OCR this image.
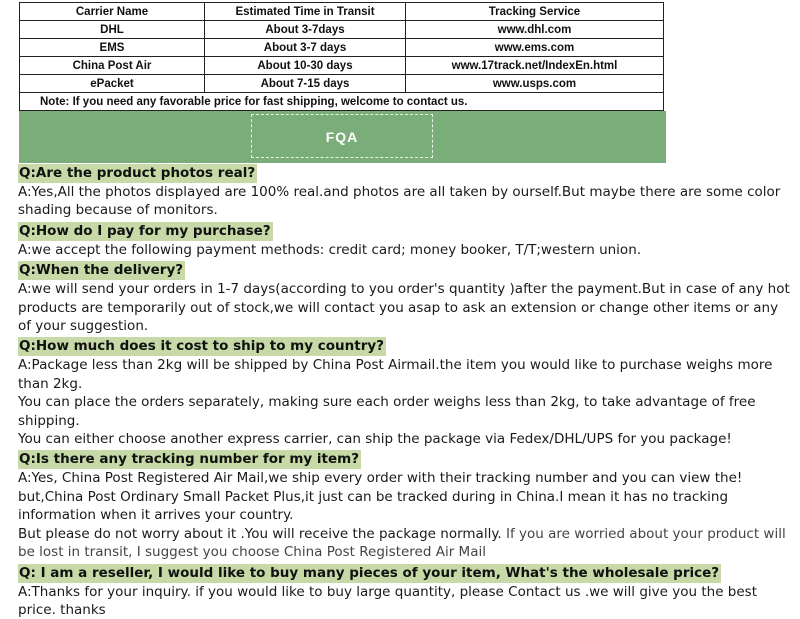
Carrier Name	Estimated Time in Transit	Tracking Service
DHL	About 3-7days	www.dhl.com
EMS	About 3-7 days	www.ems.com
China Post Air	About 10-30 days	www.17track.net/IndexEn.html
ePacket	About 7-15 days	www.usps.com
Note: If you need any favorable price for fast shipping, welcome to contact us.		
FQA
Q:Are the product photos real?

A:Yes,All the photos displayed are 100% real.and photos are all taken by ourself.But maybe there are some color shading because of monitors.

Q:How do I pay for my purchase?

A:we accept the following payment methods: credit card; money booker, T/T;western union.

Q:When the delivery?

A:we will send your orders in 1-7 days(according to you order's quantity )after the payment.But in case of any hot products are temporarily out of stock,we will contact you asap to ask an extension or change other items or any of your suggestion.

Q:How much does it cost to ship to my country?

A:Package less than 2kg will be shipped by China Post Airmail.the item you would like to purchase weighs more than 2kg.

You can place the orders separately, making sure each order weighs less than 2kg, to take advantage of free shipping.

You can either choose another express carrier, can ship the package via Fedex/DHL/UPS for you package!

Q:Is there any tracking number for my item?

A:Yes, China Post Registered Air Mail,we ship every order with their tracking number and you can view the!

but,China Post Ordinary Small Packet Plus,it just can be tracked during in China.I mean it has no tracking information when it arrives your country.

But please do not worry about it .You will receive the package normally. If you are worried about your product will be lost in transit, I suggest you choose China Post Registered Air Mail

Q: I am a reseller, I would like to buy many pieces of your item, What's the wholesale price?

A:Thanks for your inquiry. if you would like to buy large quantity, please Contact us .we will give you the best price. thanks
